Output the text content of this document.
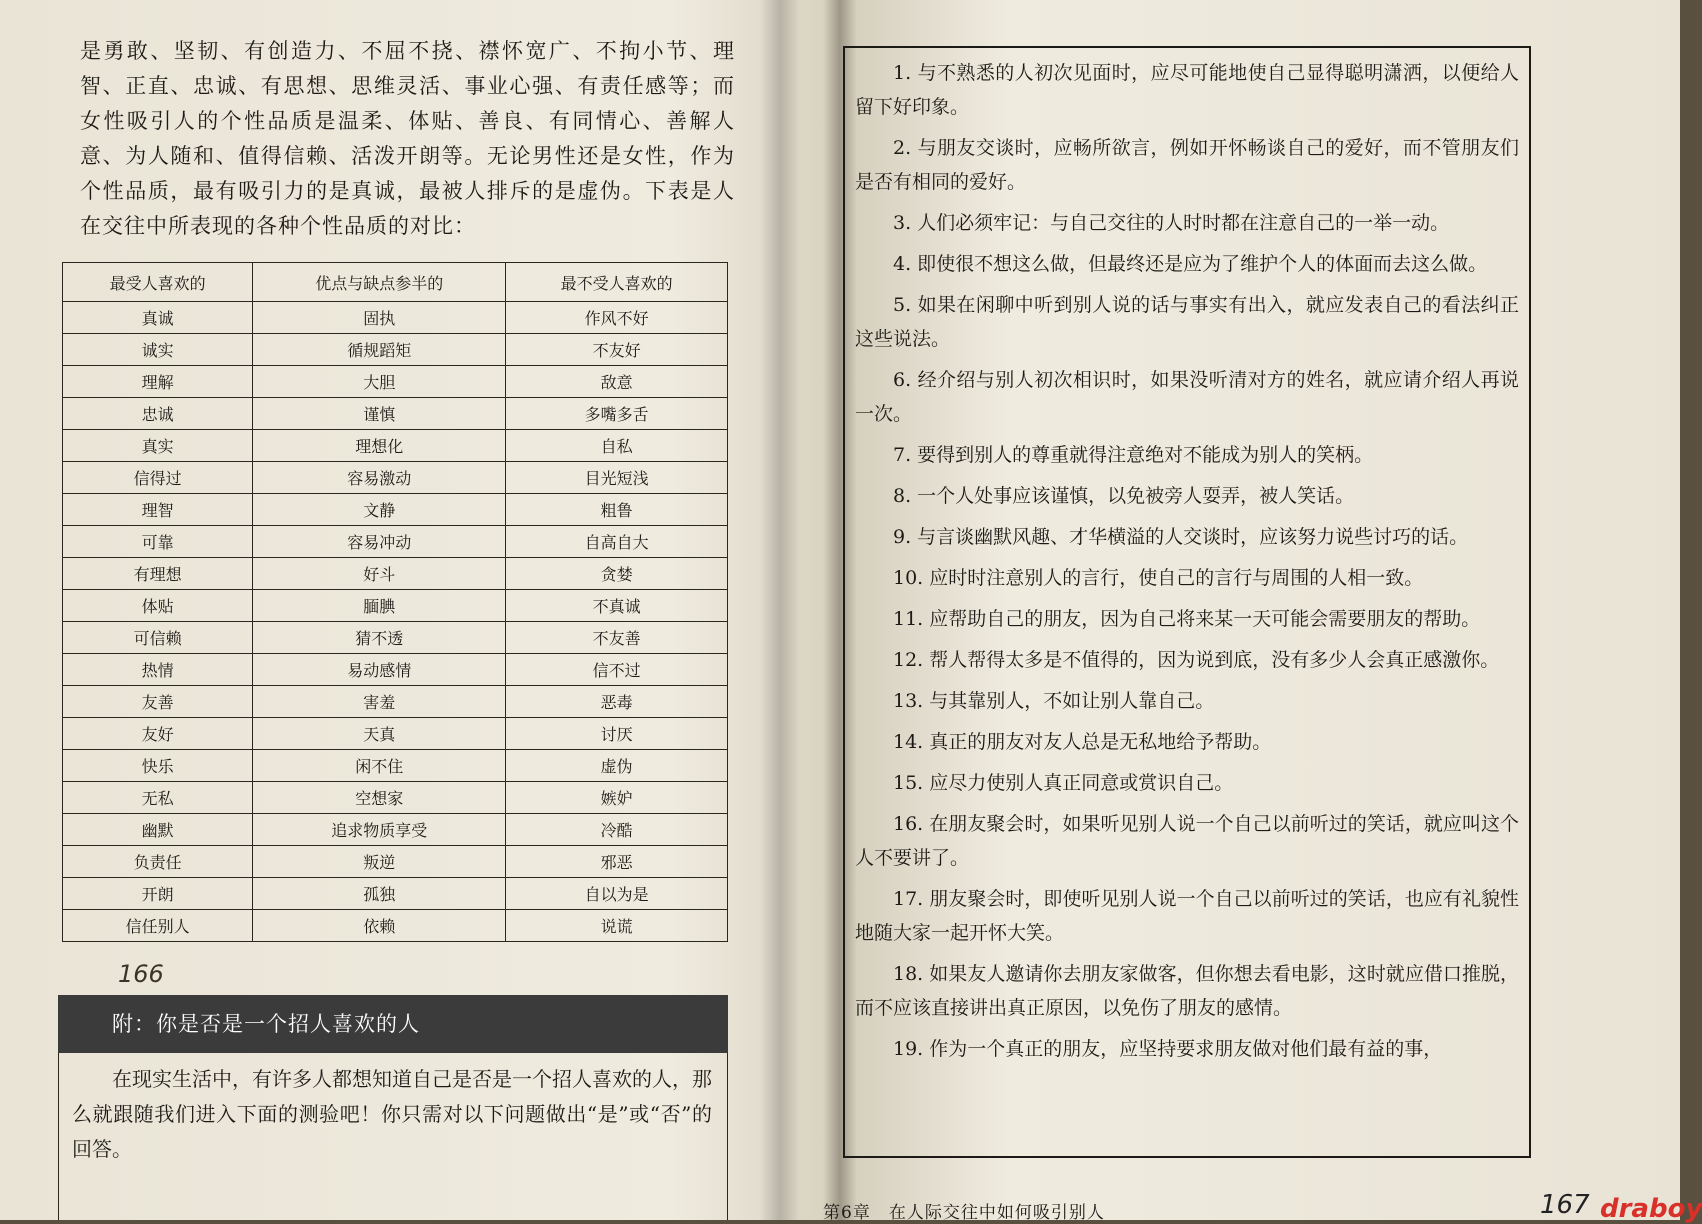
是勇敢、坚韧、有创造力、不屈不挠、襟怀宽广、不拘小节、理智、正直、忠诚、有思想、思维灵活、事业心强、有责任感等；而女性吸引人的个性品质是温柔、体贴、善良、有同情心、善解人意、为人随和、值得信赖、活泼开朗等。无论男性还是女性，作为个性品质，最有吸引力的是真诚，最被人排斥的是虚伪。下表是人在交往中所表现的各种个性品质的对比：

最受人喜欢的	优点与缺点参半的	最不受人喜欢的
真诚	固执	作风不好
诚实	循规蹈矩	不友好
理解	大胆	敌意
忠诚	谨慎	多嘴多舌
真实	理想化	自私
信得过	容易激动	目光短浅
理智	文静	粗鲁
可靠	容易冲动	自高自大
有理想	好斗	贪婪
体贴	腼腆	不真诚
可信赖	猜不透	不友善
热情	易动感情	信不过
友善	害羞	恶毒
友好	天真	讨厌
快乐	闲不住	虚伪
无私	空想家	嫉妒
幽默	追求物质享受	冷酷
负责任	叛逆	邪恶
开朗	孤独	自以为是
信任别人	依赖	说谎
166
附：你是否是一个招人喜欢的人

在现实生活中，有许多人都想知道自己是否是一个招人喜欢的人，那么就跟随我们进入下面的测验吧！你只需对以下问题做出“是”或“否”的回答。

1. 与不熟悉的人初次见面时，应尽可能地使自己显得聪明潇洒，以便给人留下好印象。
2. 与朋友交谈时，应畅所欲言，例如开怀畅谈自己的爱好，而不管朋友们是否有相同的爱好。
3. 人们必须牢记：与自己交往的人时时都在注意自己的一举一动。
4. 即使很不想这么做，但最终还是应为了维护个人的体面而去这么做。
5. 如果在闲聊中听到别人说的话与事实有出入，就应发表自己的看法纠正这些说法。
6. 经介绍与别人初次相识时，如果没听清对方的姓名，就应请介绍人再说一次。
7. 要得到别人的尊重就得注意绝对不能成为别人的笑柄。
8. 一个人处事应该谨慎，以免被旁人耍弄，被人笑话。
9. 与言谈幽默风趣、才华横溢的人交谈时，应该努力说些讨巧的话。
10. 应时时注意别人的言行，使自己的言行与周围的人相一致。
11. 应帮助自己的朋友，因为自己将来某一天可能会需要朋友的帮助。
12. 帮人帮得太多是不值得的，因为说到底，没有多少人会真正感激你。
13. 与其靠别人，不如让别人靠自己。
14. 真正的朋友对友人总是无私地给予帮助。
15. 应尽力使别人真正同意或赏识自己。
16. 在朋友聚会时，如果听见别人说一个自己以前听过的笑话，就应叫这个人不要讲了。
17. 朋友聚会时，即使听见别人说一个自己以前听过的笑话，也应有礼貌性地随大家一起开怀大笑。
18. 如果友人邀请你去朋友家做客，但你想去看电影，这时就应借口推脱，而不应该直接讲出真正原因，以免伤了朋友的感情。
19. 作为一个真正的朋友，应坚持要求朋友做对他们最有益的事，
第6章　在人际交往中如何吸引别人	167 draboy
